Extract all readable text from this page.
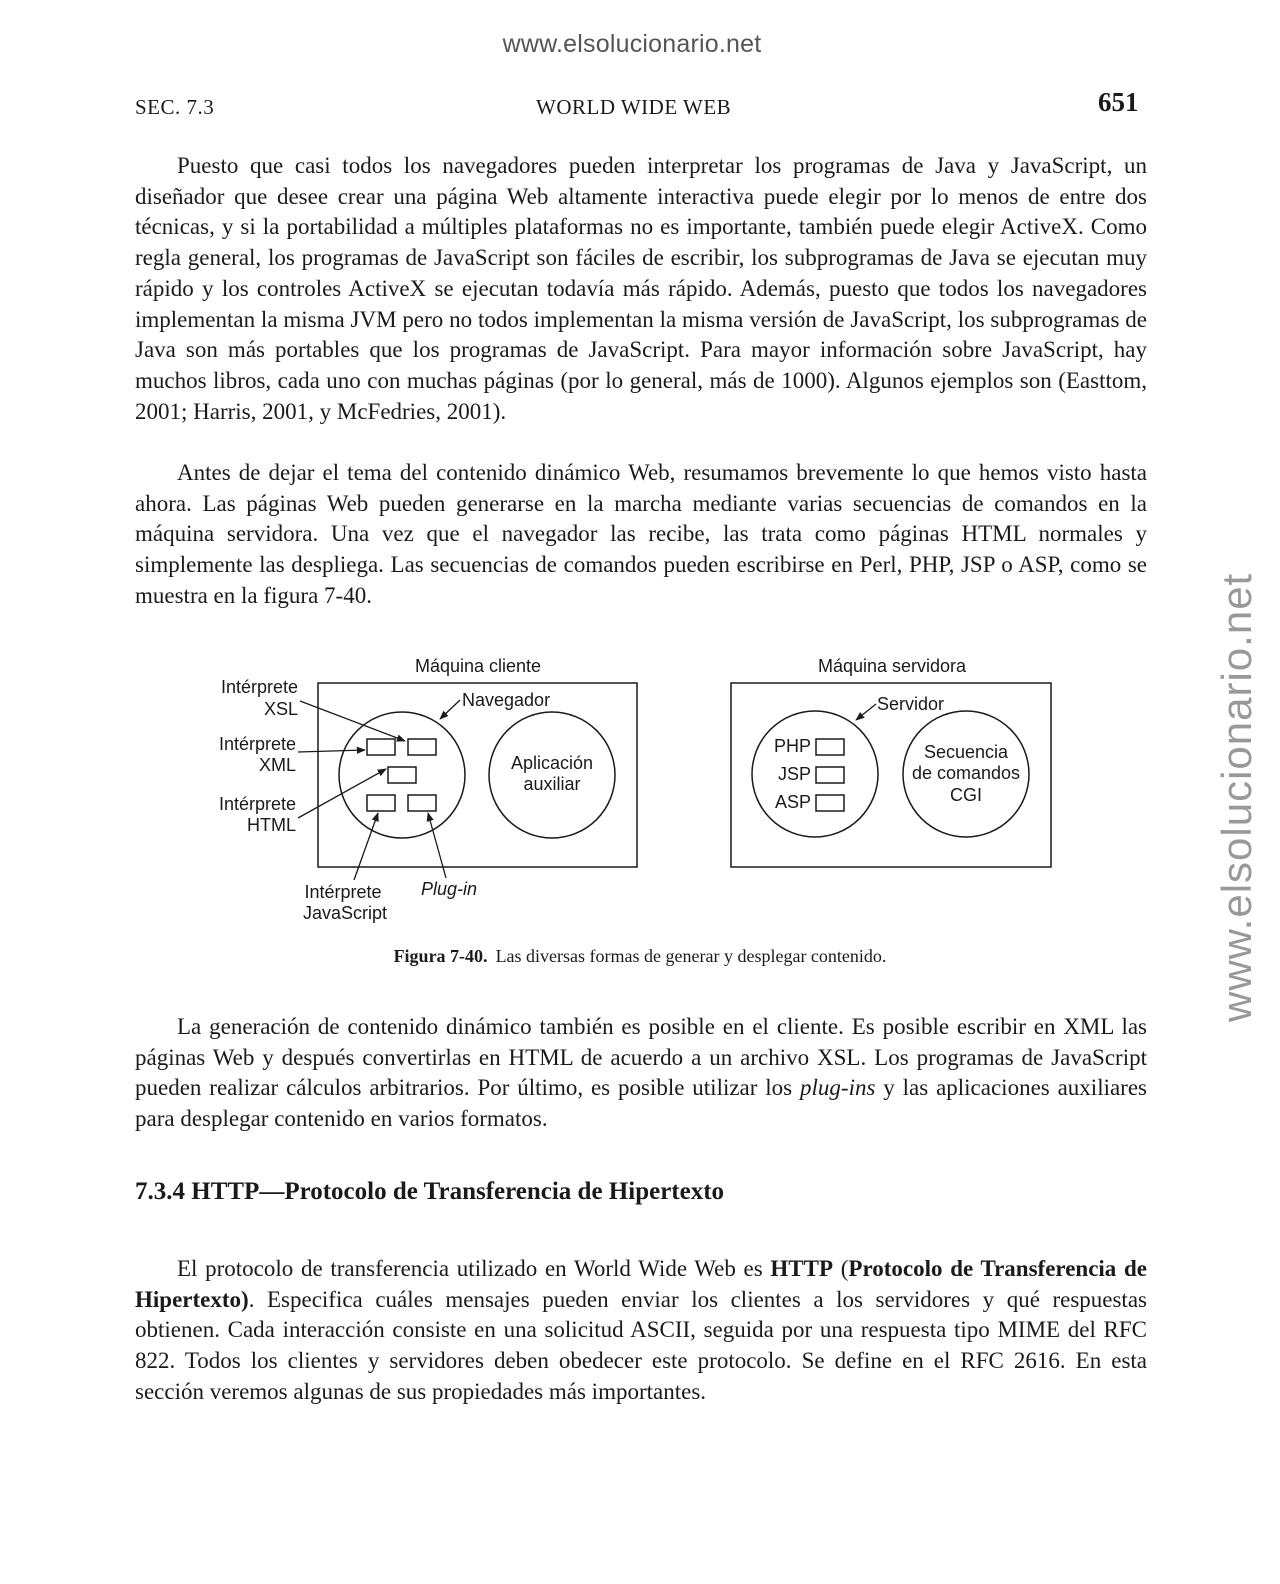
www.elsolucionario.net
www.elsolucionario.net
SEC. 7.3	WORLD WIDE WEB	651

Puesto que casi todos los navegadores pueden interpretar los programas de Java y JavaScript, un diseñador que desee crear una página Web altamente interactiva puede elegir por lo menos de entre dos técnicas, y si la portabilidad a múltiples plataformas no es importante, también puede elegir ActiveX. Como regla general, los programas de JavaScript son fáciles de escribir, los subprogramas de Java se ejecutan muy rápido y los controles ActiveX se ejecutan todavía más rápido. Además, puesto que todos los navegadores implementan la misma JVM pero no todos implementan la misma versión de JavaScript, los subprogramas de Java son más portables que los programas de JavaScript. Para mayor información sobre JavaScript, hay muchos libros, cada uno con muchas páginas (por lo general, más de 1000). Algunos ejemplos son (Easttom, 2001; Harris, 2001, y McFedries, 2001).

Antes de dejar el tema del contenido dinámico Web, resumamos brevemente lo que hemos visto hasta ahora. Las páginas Web pueden generarse en la marcha mediante varias secuencias de comandos en la máquina servidora. Una vez que el navegador las recibe, las trata como páginas HTML normales y simplemente las despliega. Las secuencias de comandos pueden escribirse en Perl, PHP, JSP o ASP, como se muestra en la figura 7-40.

Máquina cliente
Navegador
Intérprete
XSL
Intérprete
XML
Intérprete
HTML
Intérprete
JavaScript
Plug-in
Aplicación
auxiliar
Máquina servidora
Servidor
PHP
JSP
ASP
Secuencia
de comandos
CGI
Figura 7-40. Las diversas formas de generar y desplegar contenido.

La generación de contenido dinámico también es posible en el cliente. Es posible escribir en XML las páginas Web y después convertirlas en HTML de acuerdo a un archivo XSL. Los programas de JavaScript pueden realizar cálculos arbitrarios. Por último, es posible utilizar los plug-ins y las aplicaciones auxiliares para desplegar contenido en varios formatos.

7.3.4 HTTP—Protocolo de Transferencia de Hipertexto

El protocolo de transferencia utilizado en World Wide Web es HTTP (Protocolo de Transferencia de Hipertexto). Especifica cuáles mensajes pueden enviar los clientes a los servidores y qué respuestas obtienen. Cada interacción consiste en una solicitud ASCII, seguida por una respuesta tipo MIME del RFC 822. Todos los clientes y servidores deben obedecer este protocolo. Se define en el RFC 2616. En esta sección veremos algunas de sus propiedades más importantes.
